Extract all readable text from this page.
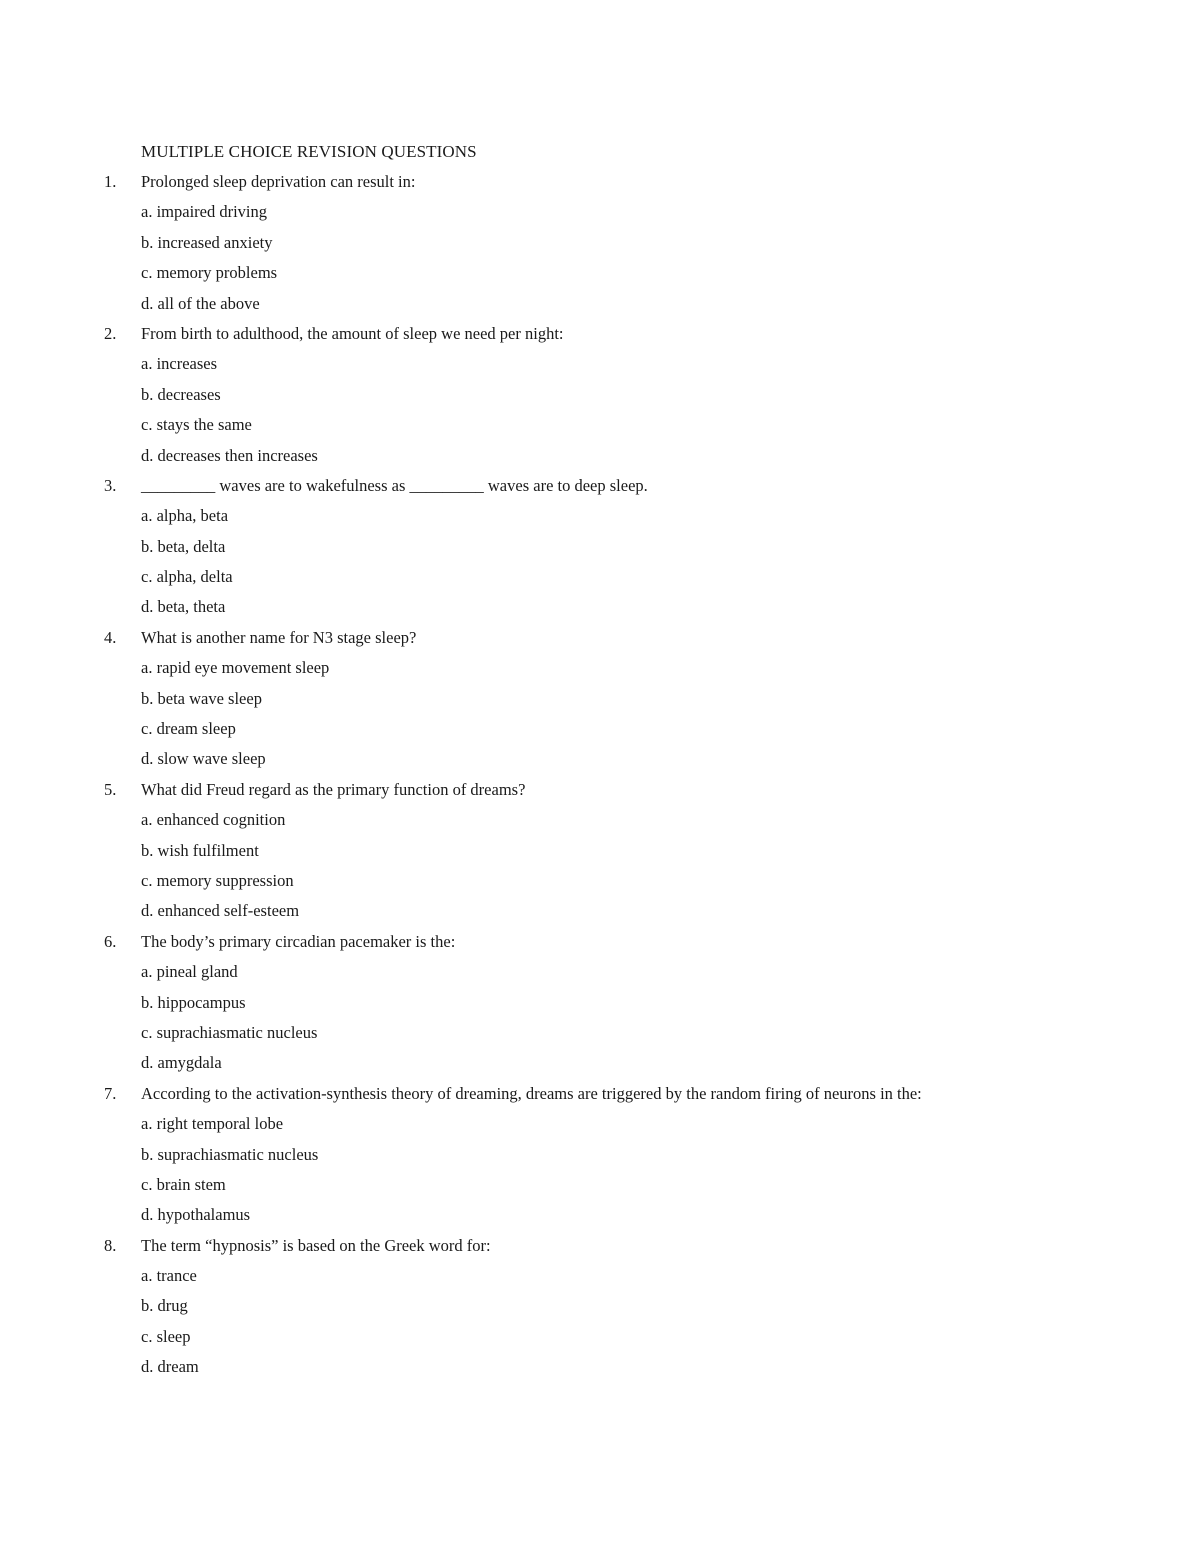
MULTIPLE CHOICE REVISION QUESTIONS
1. Prolonged sleep deprivation can result in:
a. impaired driving
b. increased anxiety
c. memory problems
d. all of the above
2. From birth to adulthood, the amount of sleep we need per night:
a. increases
b. decreases
c. stays the same
d. decreases then increases
3. _________ waves are to wakefulness as _________ waves are to deep sleep.
a. alpha, beta
b. beta, delta
c. alpha, delta
d. beta, theta
4. What is another name for N3 stage sleep?
a. rapid eye movement sleep
b. beta wave sleep
c. dream sleep
d. slow wave sleep
5. What did Freud regard as the primary function of dreams?
a. enhanced cognition
b. wish fulfilment
c. memory suppression
d. enhanced self-esteem
6. The body’s primary circadian pacemaker is the:
a. pineal gland
b. hippocampus
c. suprachiasmatic nucleus
d. amygdala
7. According to the activation-synthesis theory of dreaming, dreams are triggered by the random firing of neurons in the:
a. right temporal lobe
b. suprachiasmatic nucleus
c. brain stem
d. hypothalamus
8. The term “hypnosis” is based on the Greek word for:
a. trance
b. drug
c. sleep
d. dream
